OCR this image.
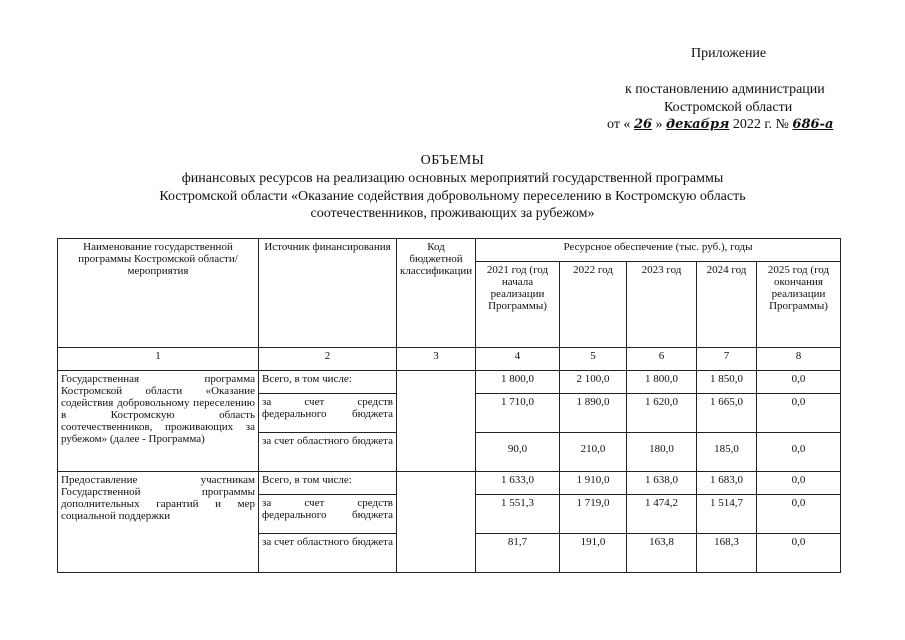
Приложение
к постановлению администрации
Костромской области
от « 26 » декабря 2022 г. № 686-а
ОБЪЕМЫ
финансовых ресурсов на реализацию основных мероприятий государственной программы
Костромской области «Оказание содействия добровольному переселению в Костромскую область
соотечественников, проживающих за рубежом»
Наименование государственной программы Костромской области/мероприятия	Источник финансирования	Код бюджетной классификации	Ресурсное обеспечение (тыс. руб.), годы				
			2021 год (год начала реализации Программы)	2022 год	2023 год	2024 год	2025 год (год окончания реализации Программы)
1	2	3	4	5	6	7	8
Государственная программа Костромской области «Оказание содействия добровольному переселению в Костромскую область соотечественников, проживающих за рубежом» (далее - Программа)	Всего, в том числе:		1 800,0	2 100,0	1 800,0	1 850,0	0,0
	за счет средств федерального бюджета		1 710,0	1 890,0	1 620,0	1 665,0	0,0
	за счет областного бюджета		90,0	210,0	180,0	185,0	0,0
Предоставление участникам Государственной программы дополнительных гарантий и мер социальной поддержки	Всего, в том числе:		1 633,0	1 910,0	1 638,0	1 683,0	0,0
	за счет средств федерального бюджета		1 551,3	1 719,0	1 474,2	1 514,7	0,0
	за счет областного бюджета		81,7	191,0	163,8	168,3	0,0
